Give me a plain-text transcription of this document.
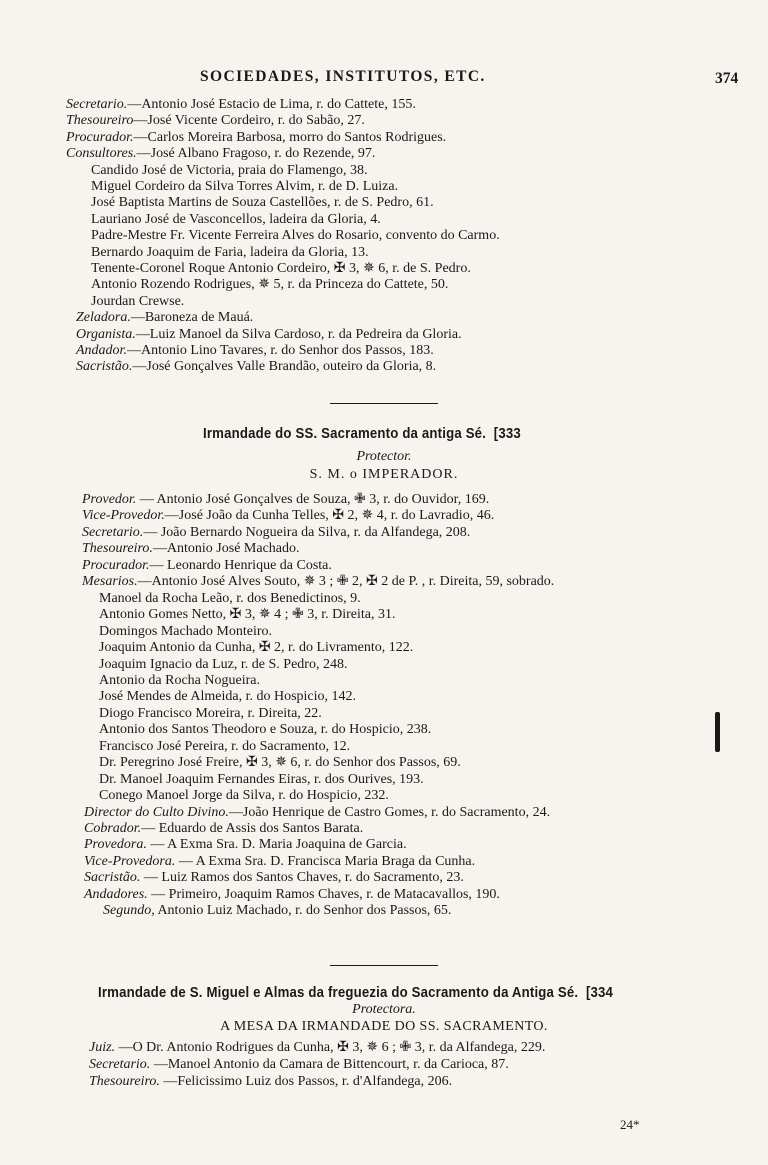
SOCIEDADES, INSTITUTOS, ETC.	374
Secretario.—Antonio José Estacio de Lima, r. do Cattete, 155.
Thesoureiro—José Vicente Cordeiro, r. do Sabão, 27.
Procurador.—Carlos Moreira Barbosa, morro do Santos Rodrigues.
Consultores.—José Albano Fragoso, r. do Rezende, 97.
Candido José de Victoria, praia do Flamengo, 38.
Miguel Cordeiro da Silva Torres Alvim, r. de D. Luiza.
José Baptista Martins de Souza Castellões, r. de S. Pedro, 61.
Lauriano José de Vasconcellos, ladeira da Gloria, 4.
Padre-Mestre Fr. Vicente Ferreira Alves do Rosario, convento do Carmo.
Bernardo Joaquim de Faria, ladeira da Gloria, 13.
Tenente-Coronel Roque Antonio Cordeiro, ✠ 3, ✵ 6, r. de S. Pedro.
Antonio Rozendo Rodrigues, ✵ 5, r. da Princeza do Cattete, 50.
Jourdan Crewse.
Zeladora.—Baroneza de Mauá.
Organista.—Luiz Manoel da Silva Cardoso, r. da Pedreira da Gloria.
Andador.—Antonio Lino Tavares, r. do Senhor dos Passos, 183.
Sacristão.—José Gonçalves Valle Brandão, outeiro da Gloria, 8.
Irmandade do SS. Sacramento da antiga Sé. [333
Protector.
S. M. o IMPERADOR.
Provedor. — Antonio José Gonçalves de Souza, ✙ 3, r. do Ouvidor, 169.
Vice-Provedor.—José João da Cunha Telles, ✠ 2, ✵ 4, r. do Lavradio, 46.
Secretario.— João Bernardo Nogueira da Silva, r. da Alfandega, 208.
Thesoureiro.—Antonio José Machado.
Procurador.— Leonardo Henrique da Costa.
Mesarios.—Antonio José Alves Souto, ✵ 3 ; ✙ 2, ✠ 2 de P. , r. Direita, 59, sobrado.
Manoel da Rocha Leão, r. dos Benedictinos, 9.
Antonio Gomes Netto, ✠ 3, ✵ 4 ; ✙ 3, r. Direita, 31.
Domingos Machado Monteiro.
Joaquim Antonio da Cunha, ✠ 2, r. do Livramento, 122.
Joaquim Ignacio da Luz, r. de S. Pedro, 248.
Antonio da Rocha Nogueira.
José Mendes de Almeida, r. do Hospicio, 142.
Diogo Francisco Moreira, r. Direita, 22.
Antonio dos Santos Theodoro e Souza, r. do Hospicio, 238.
Francisco José Pereira, r. do Sacramento, 12.
Dr. Peregrino José Freire, ✠ 3, ✵ 6, r. do Senhor dos Passos, 69.
Dr. Manoel Joaquim Fernandes Eiras, r. dos Ourives, 193.
Conego Manoel Jorge da Silva, r. do Hospicio, 232.
Director do Culto Divino.—João Henrique de Castro Gomes, r. do Sacramento, 24.
Cobrador.— Eduardo de Assis dos Santos Barata.
Provedora. — A Exma Sra. D. Maria Joaquina de Garcia.
Vice-Provedora. — A Exma Sra. D. Francisca Maria Braga da Cunha.
Sacristão. — Luiz Ramos dos Santos Chaves, r. do Sacramento, 23.
Andadores. — Primeiro, Joaquim Ramos Chaves, r. de Matacavallos, 190.
Segundo, Antonio Luiz Machado, r. do Senhor dos Passos, 65.
Irmandade de S. Miguel e Almas da freguezia do Sacramento da Antiga Sé. [334
Protectora.
A MESA DA IRMANDADE DO SS. SACRAMENTO.
Juiz. —O Dr. Antonio Rodrigues da Cunha, ✠ 3, ✵ 6 ; ✙ 3, r. da Alfandega, 229.
Secretario. —Manoel Antonio da Camara de Bittencourt, r. da Carioca, 87.
Thesoureiro. —Felicissimo Luiz dos Passos, r. d'Alfandega, 206.
24*
